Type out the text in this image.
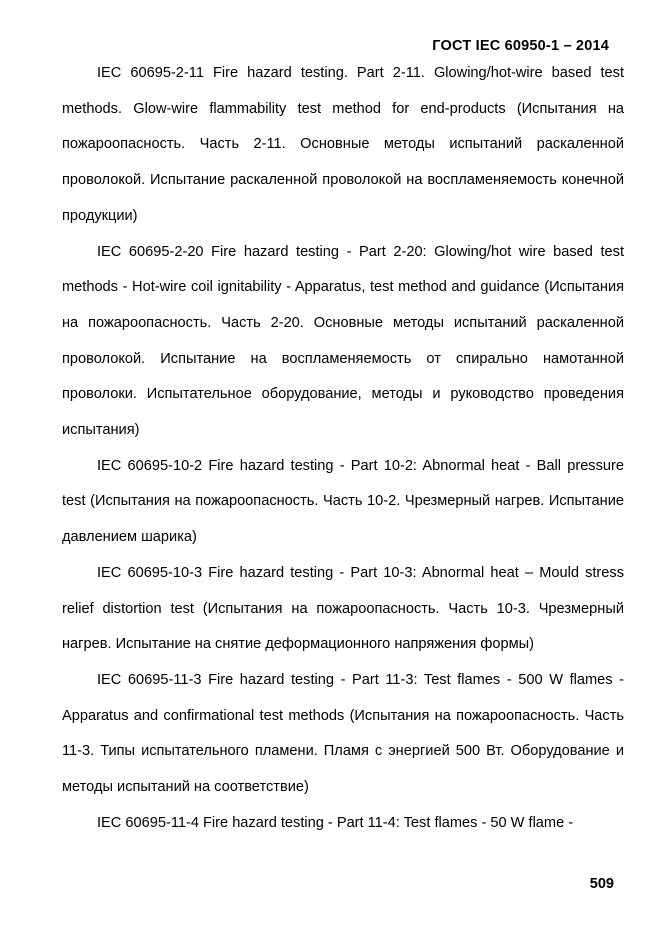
ГОСТ IEC 60950-1 – 2014

IEC 60695-2-11 Fire hazard testing. Part 2-11. Glowing/hot-wire based test methods. Glow-wire flammability test method for end-products (Испытания на пожароопасность. Часть 2-11. Основные методы испытаний раскаленной проволокой. Испытание раскаленной проволокой на воспламеняемость конечной продукции)

IEC 60695-2-20 Fire hazard testing - Part 2-20: Glowing/hot wire based test methods - Hot-wire coil ignitability - Apparatus, test method and guidance (Испытания на пожароопасность. Часть 2-20. Основные методы испытаний раскаленной проволокой. Испытание на воспламеняемость от спирально намотанной проволоки. Испытательное оборудование, методы и руководство проведения испытания)

IEC 60695-10-2 Fire hazard testing - Part 10-2: Abnormal heat - Ball pressure test (Испытания на пожароопасность. Часть 10-2. Чрезмерный нагрев. Испытание давлением шарика)

IEC 60695-10-3 Fire hazard testing - Part 10-3: Abnormal heat – Mould stress relief distortion test (Испытания на пожароопасность. Часть 10-3. Чрезмерный нагрев. Испытание на снятие деформационного напряжения формы)

IEC 60695-11-3 Fire hazard testing - Part 11-3: Test flames - 500 W flames - Apparatus and confirmational test methods (Испытания на пожароопасность. Часть 11-3. Типы испытательного пламени. Пламя с энергией 500 Вт. Оборудование и методы испытаний на соответствие)

IEC 60695-11-4 Fire hazard testing - Part 11-4: Test flames - 50 W flame -

509
